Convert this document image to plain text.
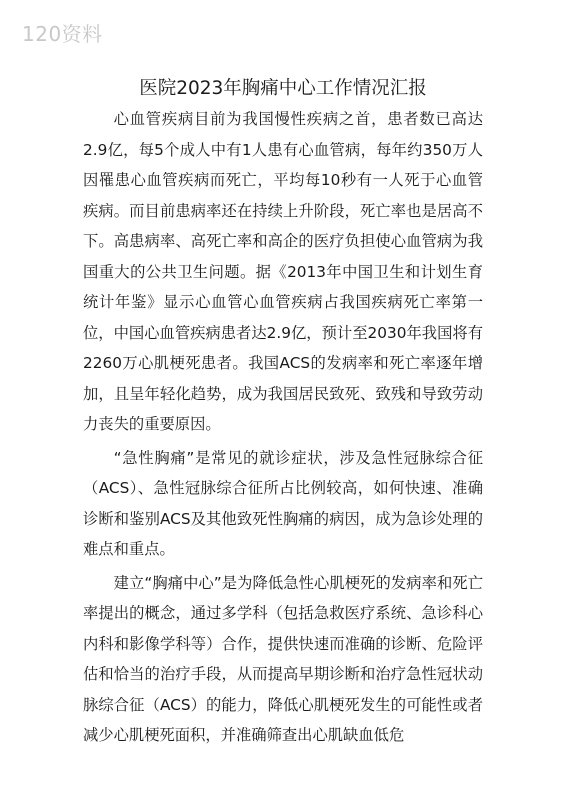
120资料
医院2023年胸痛中心工作情况汇报

心血管疾病目前为我国慢性疾病之首，患者数已高达2.9亿，每5个成人中有1人患有心血管病，每年约350万人因罹患心血管疾病而死亡，平均每10秒有一人死于心血管疾病。而目前患病率还在持续上升阶段，死亡率也是居高不下。高患病率、高死亡率和高企的医疗负担使心血管病为我国重大的公共卫生问题。据《2013年中国卫生和计划生育统计年鉴》显示心血管心血管疾病占我国疾病死亡率第一位，中国心血管疾病患者达2.9亿，预计至2030年我国将有2260万心肌梗死患者。我国ACS的发病率和死亡率逐年增加，且呈年轻化趋势，成为我国居民致死、致残和导致劳动力丧失的重要原因。

“急性胸痛”是常见的就诊症状，涉及急性冠脉综合征（ACS）、急性冠脉综合征所占比例较高，如何快速、准确诊断和鉴别ACS及其他致死性胸痛的病因，成为急诊处理的难点和重点。

建立“胸痛中心”是为降低急性心肌梗死的发病率和死亡率提出的概念，通过多学科（包括急救医疗系统、急诊科心内科和影像学科等）合作，提供快速而准确的诊断、危险评估和恰当的治疗手段，从而提高早期诊断和治疗急性冠状动脉综合征（ACS）的能力，降低心肌梗死发生的可能性或者减少心肌梗死面积，并准确筛查出心肌缺血低危
